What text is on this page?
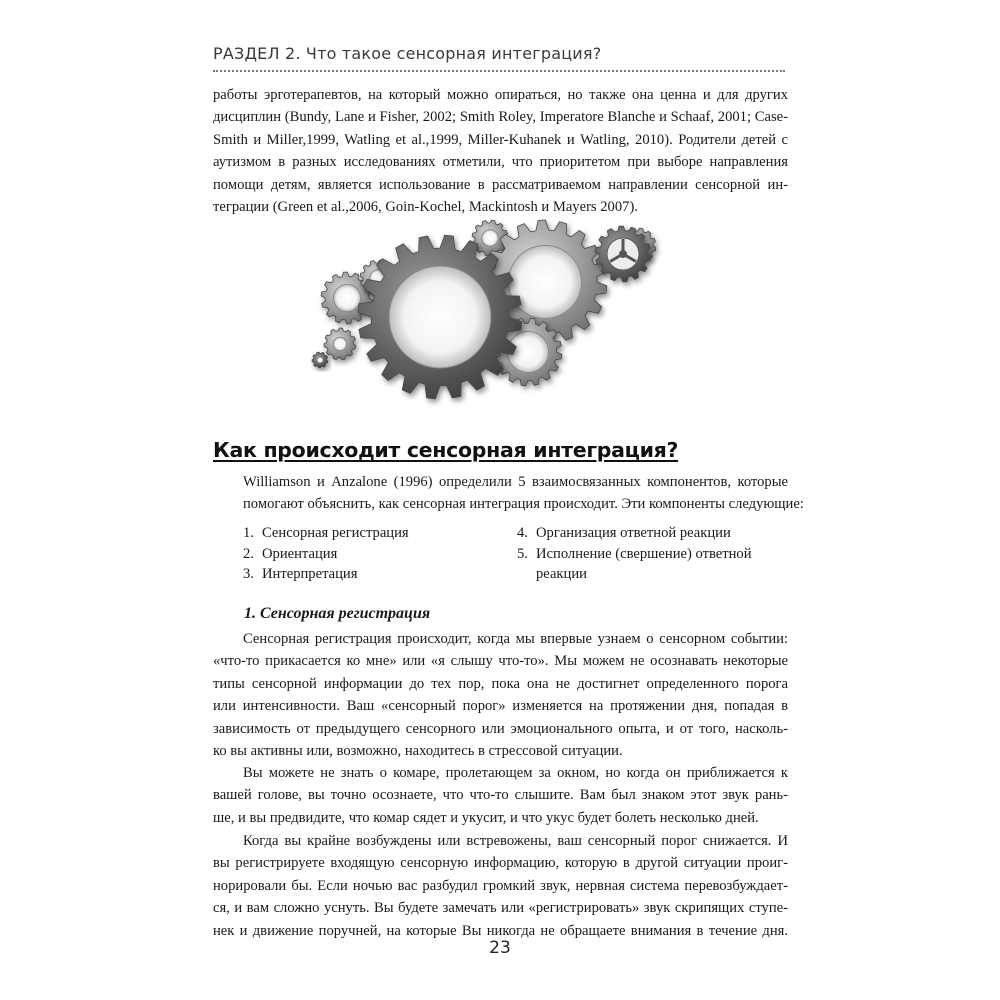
РАЗДЕЛ 2. Что такое сенсорная интеграция?
работы эрготерапевтов, на который можно опираться, но также она ценна и для других
дисциплин (Bundy, Lane и Fisher, 2002; Smith Roley, Imperatore Blanche и Schaaf, 2001; Case-
Smith и Miller,1999, Watling et al.,1999, Miller-Kuhanek и Watling, 2010). Родители детей с
аутизмом в разных исследованиях отметили, что приоритетом при выборе направления
помощи детям, является использование в рассматриваемом направлении сенсорной ин-
теграции (Green et al.,2006, Goin-Kochel, Mackintosh и Mayers 2007).
Как происходит сенсорная интеграция?
Williamson и Anzalone (1996) определили 5 взаимосвязанных компонентов, которые
помогают объяснить, как сенсорная интеграция происходит. Эти компоненты следующие:
1. Сенсорная регистрация
2. Ориентация
3. Интерпретация
4. Организация ответной реакции
5. Исполнение (свершение) ответной
реакции
1. Сенсорная регистрация
Сенсорная регистрация происходит, когда мы впервые узнаем о сенсорном событии:
«что-то прикасается ко мне» или «я слышу что-то». Мы можем не осознавать некоторые
типы сенсорной информации до тех пор, пока она не достигнет определенного порога
или интенсивности. Ваш «сенсорный порог» изменяется на протяжении дня, попадая в
зависимость от предыдущего сенсорного или эмоционального опыта, и от того, насколь-
ко вы активны или, возможно, находитесь в стрессовой ситуации.
Вы можете не знать о комаре, пролетающем за окном, но когда он приближается к
вашей голове, вы точно осознаете, что что-то слышите. Вам был знаком этот звук рань-
ше, и вы предвидите, что комар сядет и укусит, и что укус будет болеть несколько дней.
Когда вы крайне возбуждены или встревожены, ваш сенсорный порог снижается. И
вы регистрируете входящую сенсорную информацию, которую в другой ситуации проиг-
норировали бы. Если ночью вас разбудил громкий звук, нервная система перевозбуждает-
ся, и вам сложно уснуть. Вы будете замечать или «регистрировать» звук скрипящих ступе-
нек и движение поручней, на которые Вы никогда не обращаете внимания в течение дня.
23
